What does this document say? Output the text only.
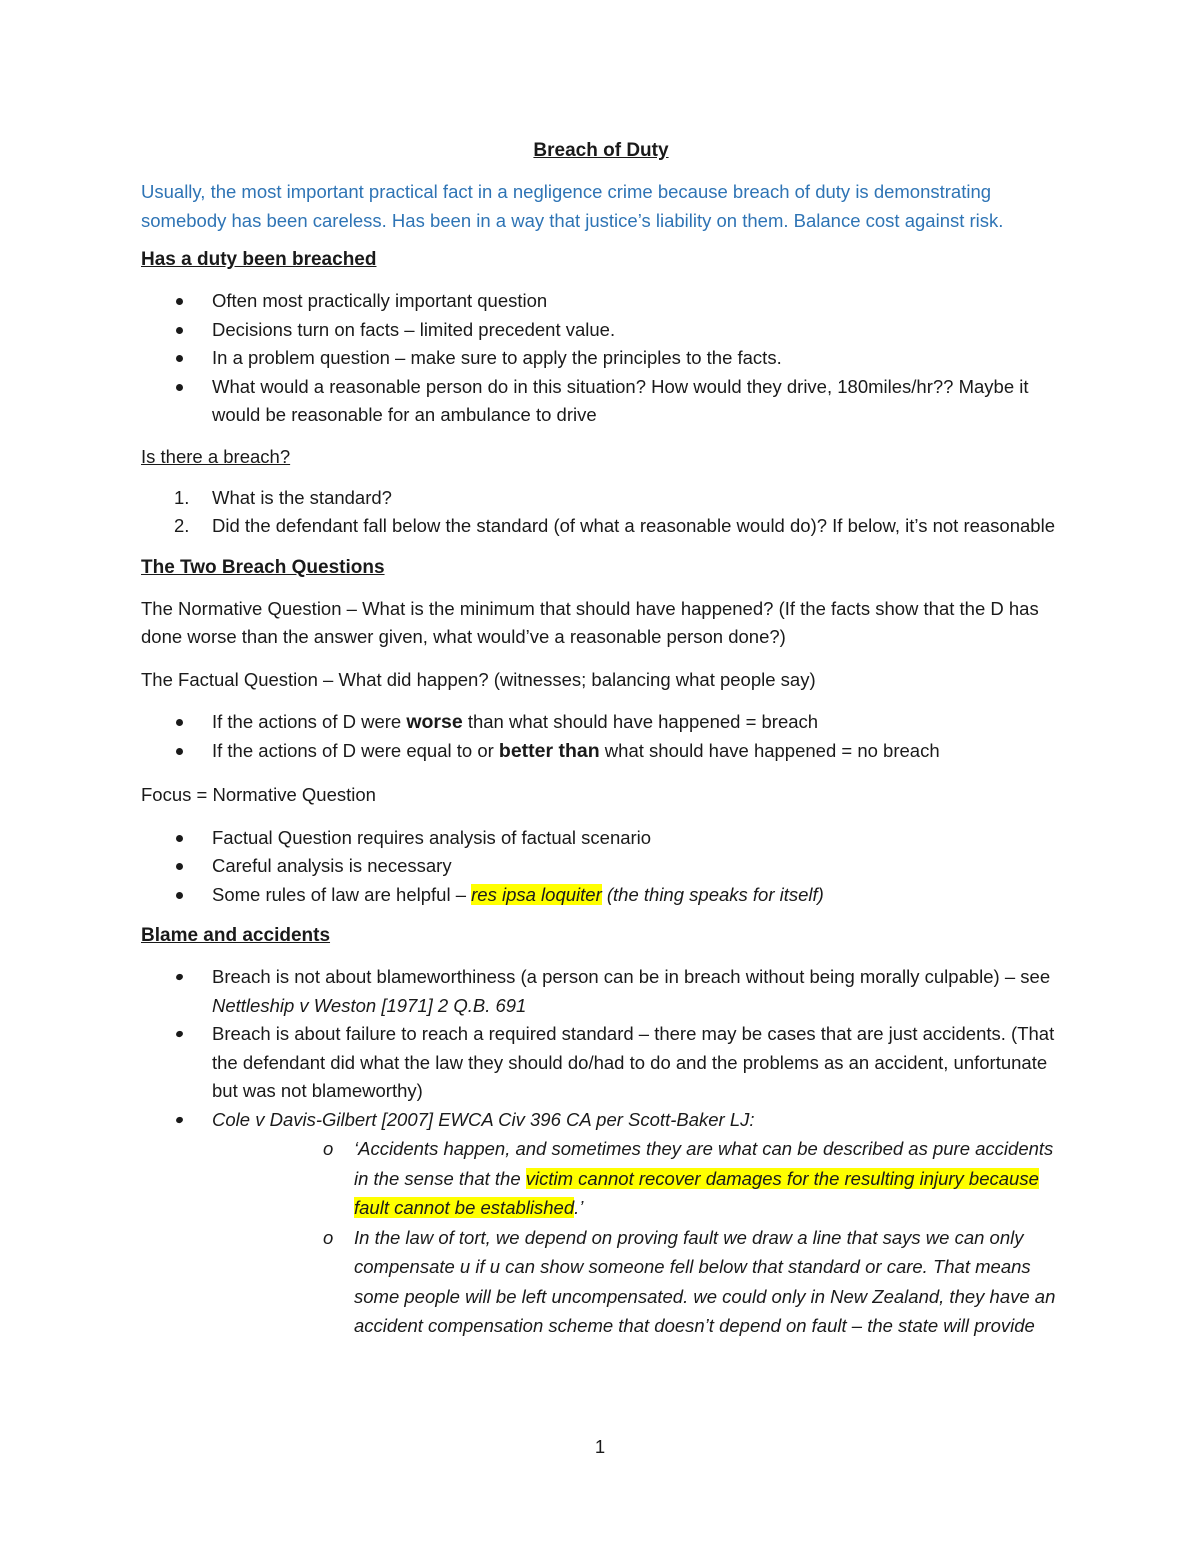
Breach of Duty

Usually, the most important practical fact in a negligence crime because breach of duty is demonstrating somebody has been careless. Has been in a way that justice’s liability on them. Balance cost against risk.

Has a duty been breached
Often most practically important question
Decisions turn on facts – limited precedent value.
In a problem question – make sure to apply the principles to the facts.
What would a reasonable person do in this situation? How would they drive, 180miles/hr?? Maybe it would be reasonable for an ambulance to drive
Is there a breach?
1. What is the standard?
2. Did the defendant fall below the standard (of what a reasonable would do)? If below, it’s not reasonable
The Two Breach Questions

The Normative Question – What is the minimum that should have happened? (If the facts show that the D has done worse than the answer given, what would’ve a reasonable person done?)

The Factual Question – What did happen? (witnesses; balancing what people say)

If the actions of D were worse than what should have happened = breach
If the actions of D were equal to or better than what should have happened = no breach

Focus = Normative Question

Factual Question requires analysis of factual scenario
Careful analysis is necessary
Some rules of law are helpful – res ipsa loquiter (the thing speaks for itself)
Blame and accidents
Breach is not about blameworthiness (a person can be in breach without being morally culpable) – see Nettleship v Weston [1971] 2 Q.B. 691
Breach is about failure to reach a required standard – there may be cases that are just accidents. (That the defendant did what the law they should do/had to do and the problems as an accident, unfortunate but was not blameworthy)
Cole v Davis-Gilbert [2007] EWCA Civ 396 CA per Scott-Baker LJ:
o	‘Accidents happen, and sometimes they are what can be described as pure accidents in the sense that the victim cannot recover damages for the resulting injury because fault cannot be established.’
o	In the law of tort, we depend on proving fault we draw a line that says we can only compensate u if u can show someone fell below that standard or care. That means some people will be left uncompensated. we could only in New Zealand, they have an accident compensation scheme that doesn’t depend on fault – the state will provide
1
